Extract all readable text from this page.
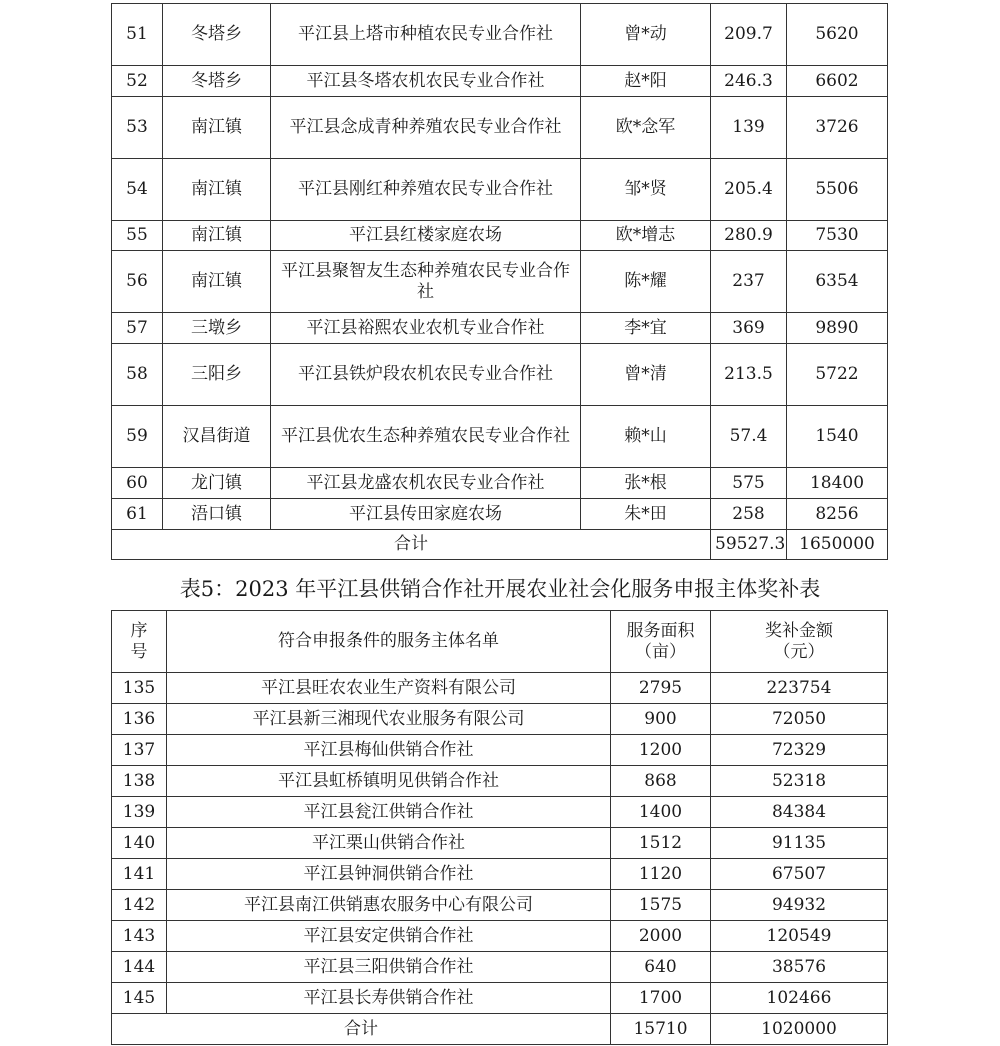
51	冬塔乡	平江县上塔市种植农民专业合作社	曾*动	209.7	5620
52	冬塔乡	平江县冬塔农机农民专业合作社	赵*阳	246.3	6602
53	南江镇	平江县念成青种养殖农民专业合作社	欧*念军	139	3726
54	南江镇	平江县刚红种养殖农民专业合作社	邹*贤	205.4	5506
55	南江镇	平江县红楼家庭农场	欧*增志	280.9	7530
56	南江镇	平江县聚智友生态种养殖农民专业合作社	陈*耀	237	6354
57	三墩乡	平江县裕熙农业农机专业合作社	李*宜	369	9890
58	三阳乡	平江县铁炉段农机农民专业合作社	曾*清	213.5	5722
59	汉昌街道	平江县优农生态种养殖农民专业合作社	赖*山	57.4	1540
60	龙门镇	平江县龙盛农机农民专业合作社	张*根	575	18400
61	浯口镇	平江县传田家庭农场	朱*田	258	8256
合计				59527.3	1650000
表5：2023 年平江县供销合作社开展农业社会化服务申报主体奖补表
序号	符合申报条件的服务主体名单	服务面积（亩）	奖补金额（元）
135	平江县旺农农业生产资料有限公司	2795	223754
136	平江县新三湘现代农业服务有限公司	900	72050
137	平江县梅仙供销合作社	1200	72329
138	平江县虹桥镇明见供销合作社	868	52318
139	平江县瓮江供销合作社	1400	84384
140	平江栗山供销合作社	1512	91135
141	平江县钟洞供销合作社	1120	67507
142	平江县南江供销惠农服务中心有限公司	1575	94932
143	平江县安定供销合作社	2000	120549
144	平江县三阳供销合作社	640	38576
145	平江县长寿供销合作社	1700	102466
合计		15710	1020000
